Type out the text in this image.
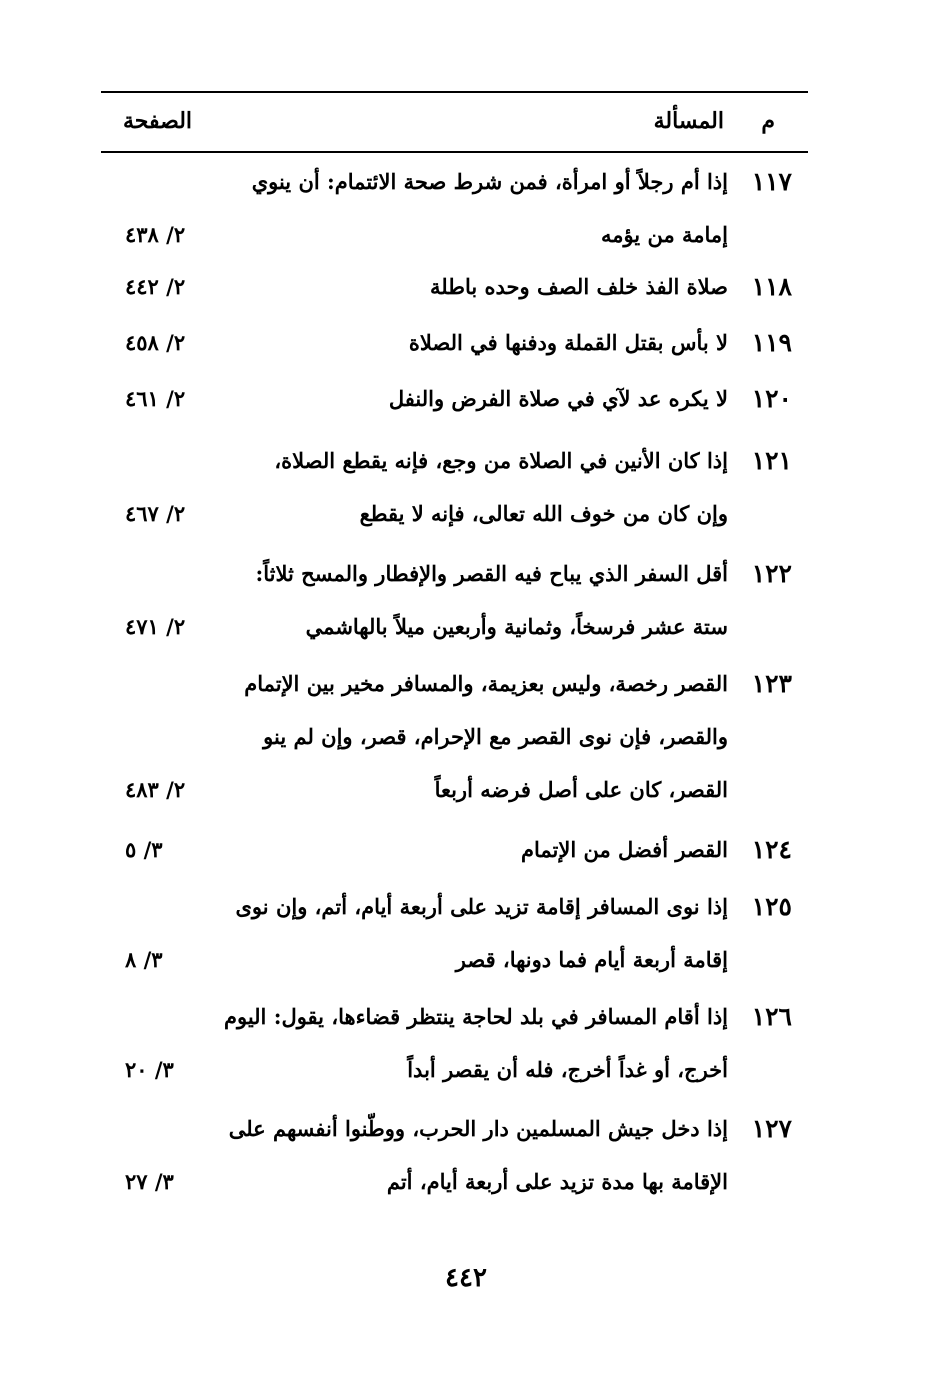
م
المسألة
الصفحة
١١٧
إذا أم رجلاً أو امرأة، فمن شرط صحة الائتمام: أن ينوي
إمامة من يؤمه
٢/ ٤٣٨
١١٨
صلاة الفذ خلف الصف وحده باطلة
٢/ ٤٤٢
١١٩
لا بأس بقتل القملة ودفنها في الصلاة
٢/ ٤٥٨
١٢٠
لا يكره عد لآي في صلاة الفرض والنفل
٢/ ٤٦١
١٢١
إذا كان الأنين في الصلاة من وجع، فإنه يقطع الصلاة،
وإن كان من خوف الله تعالى، فإنه لا يقطع
٢/ ٤٦٧
١٢٢
أقل السفر الذي يباح فيه القصر والإفطار والمسح ثلاثاً:
ستة عشر فرسخاً، وثمانية وأربعين ميلاً بالهاشمي
٢/ ٤٧١
١٢٣
القصر رخصة، وليس بعزيمة، والمسافر مخير بين الإتمام
والقصر، فإن نوى القصر مع الإحرام، قصر، وإن لم ينو
القصر، كان على أصل فرضه أربعاً
٢/ ٤٨٣
١٢٤
القصر أفضل من الإتمام
٣/ ٥
١٢٥
إذا نوى المسافر إقامة تزيد على أربعة أيام، أتم، وإن نوى
إقامة أربعة أيام فما دونها، قصر
٣/ ٨
١٢٦
إذا أقام المسافر في بلد لحاجة ينتظر قضاءها، يقول: اليوم
أخرج، أو غداً أخرج، فله أن يقصر أبداً
٣/ ٢٠
١٢٧
إذا دخل جيش المسلمين دار الحرب، ووطّنوا أنفسهم على
الإقامة بها مدة تزيد على أربعة أيام، أتم
٣/ ٢٧
٤٤٢
